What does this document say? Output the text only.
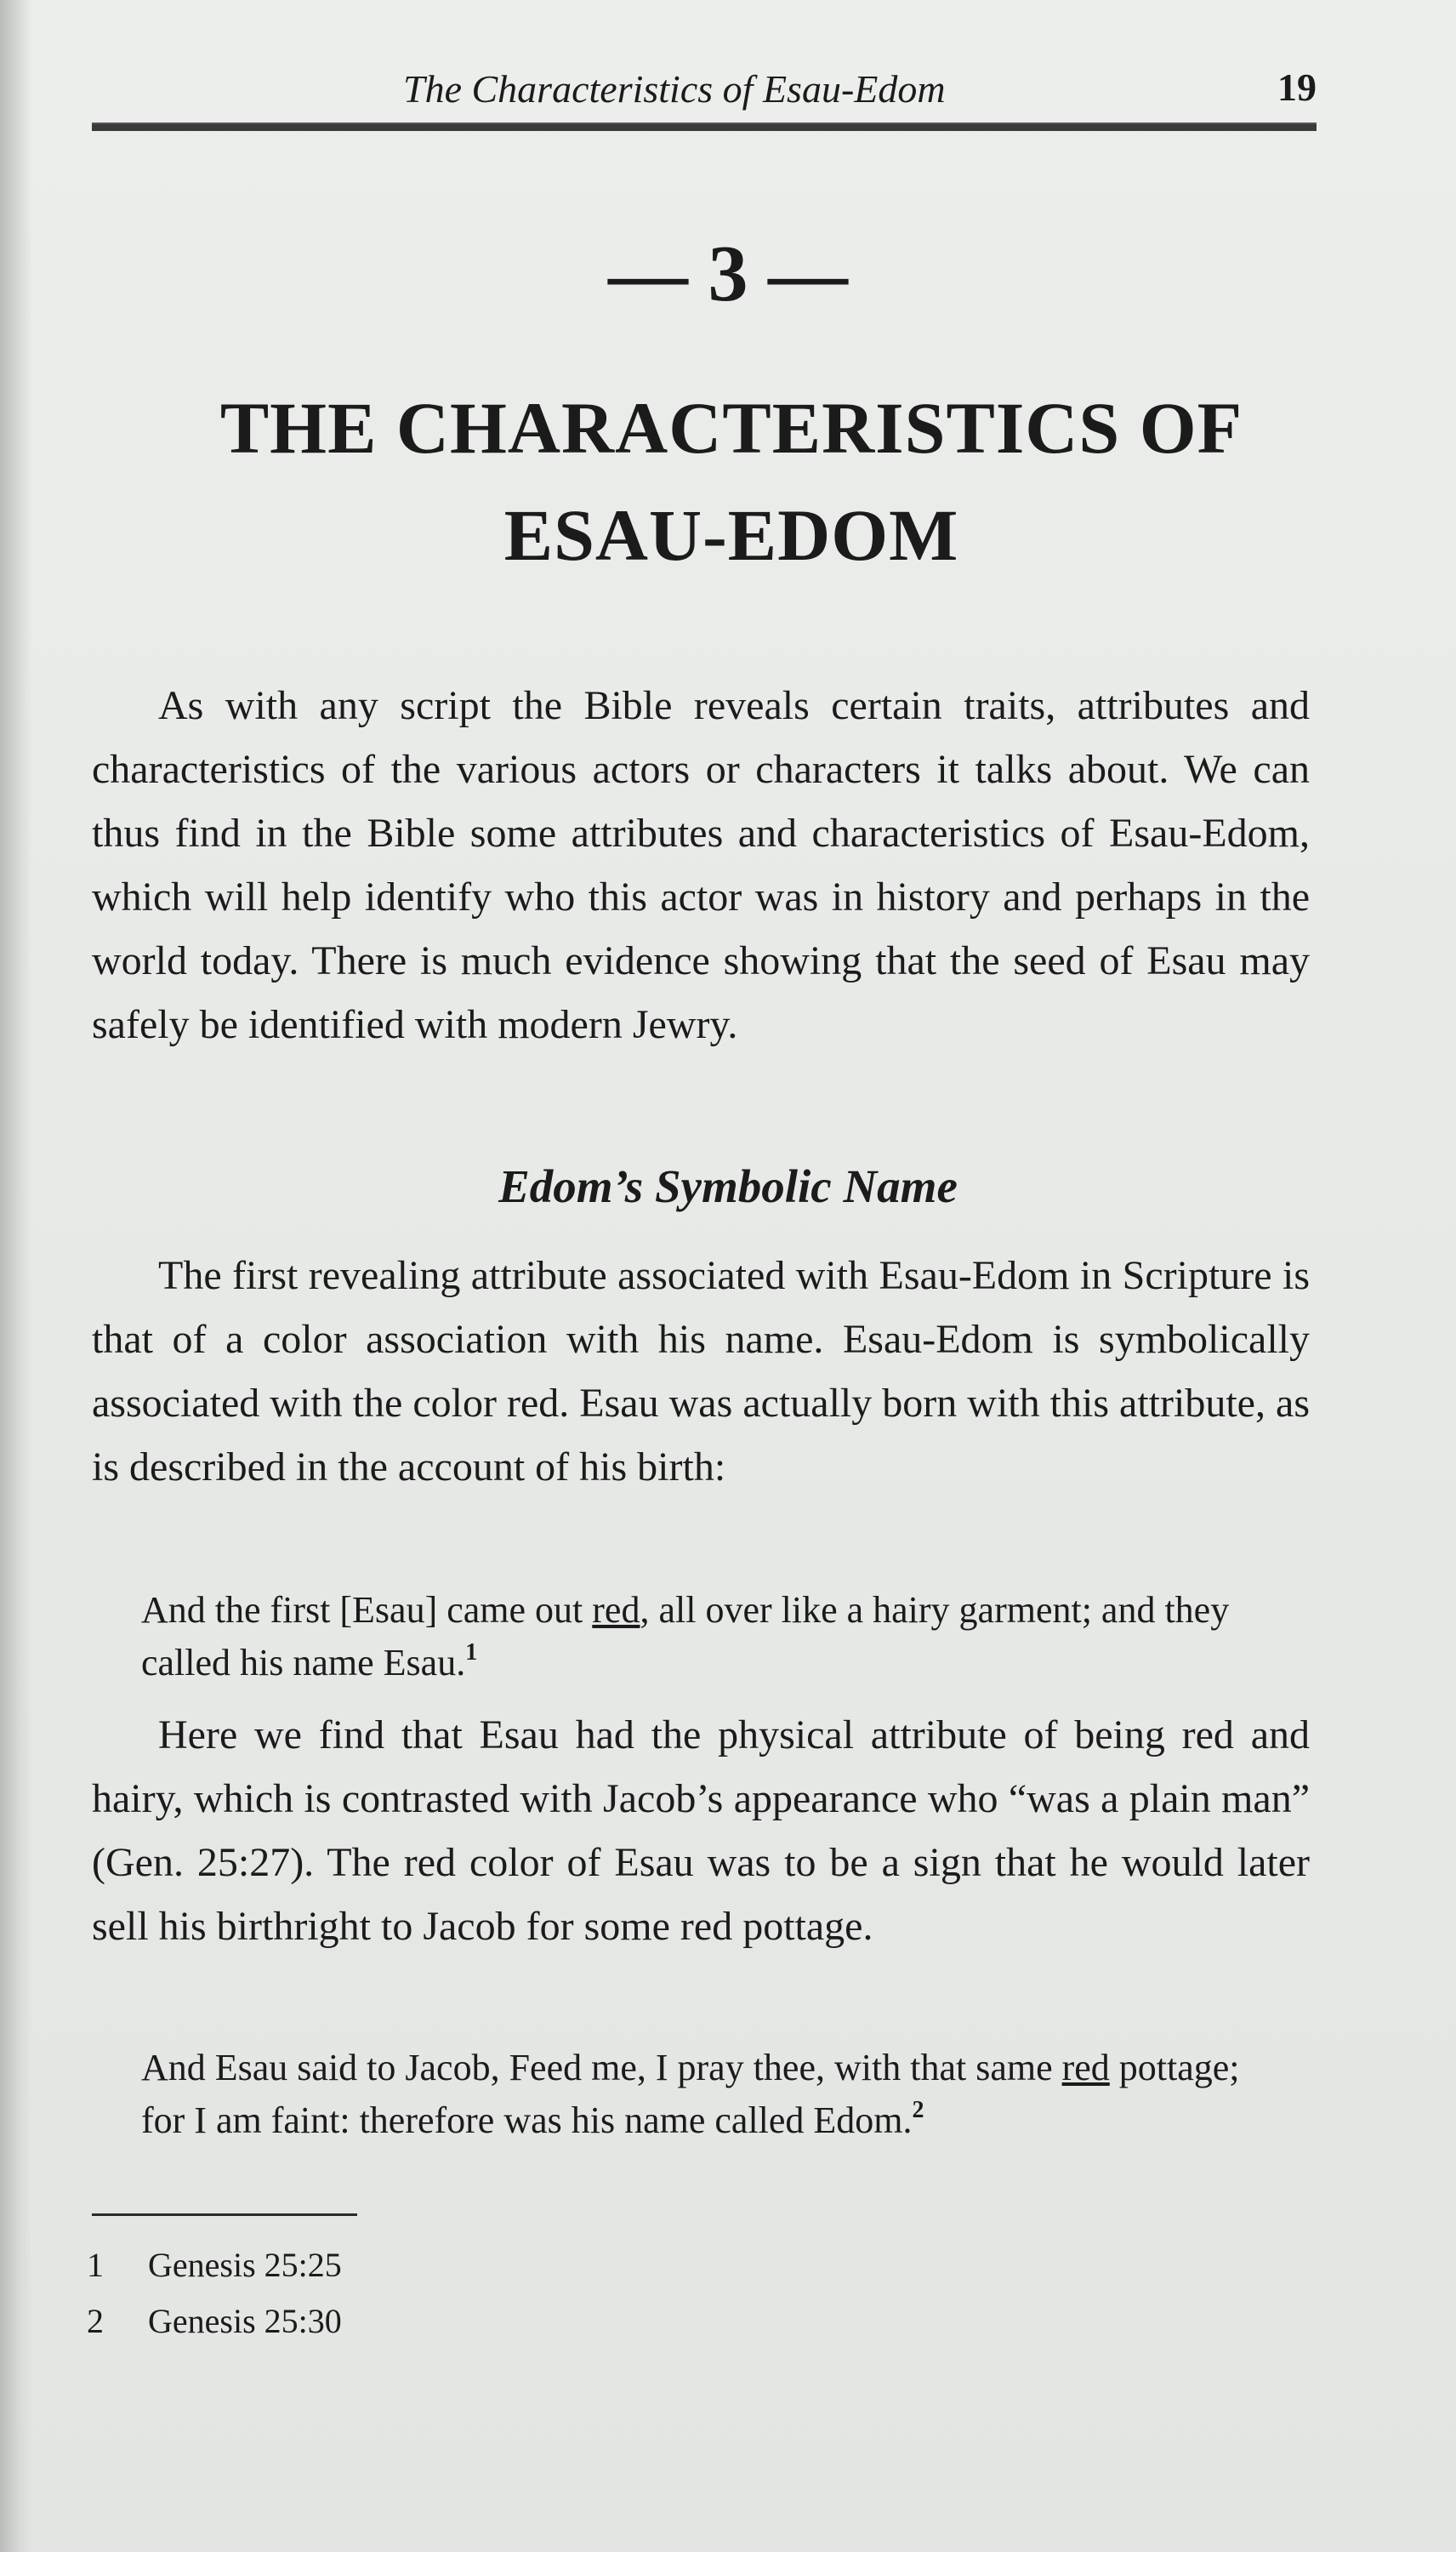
The Characteristics of Esau-Edom	19
— 3 —
THE CHARACTERISTICS OF
ESAU-EDOM

As with any script the Bible reveals certain traits, attributes and characteristics of the various actors or characters it talks about. We can thus find in the Bible some attributes and characteristics of Esau-Edom, which will help identify who this actor was in history and perhaps in the world today. There is much evidence showing that the seed of Esau may safely be identified with modern Jewry.

Edom’s Symbolic Name

The first revealing attribute associated with Esau-Edom in Scripture is that of a color association with his name. Esau-Edom is symbolically associated with the color red. Esau was actually born with this attribute, as is described in the account of his birth:

And the first [Esau] came out red, all over like a hairy garment; and they called his name Esau.$^1$

Here we find that Esau had the physical attribute of being red and hairy, which is contrasted with Jacob’s appearance who “was a plain man” (Gen. 25:27). The red color of Esau was to be a sign that he would later sell his birthright to Jacob for some red pottage.

And Esau said to Jacob, Feed me, I pray thee, with that same red pottage; for I am faint: therefore was his name called Edom.$^2$
1 Genesis 25:25
2 Genesis 25:30
